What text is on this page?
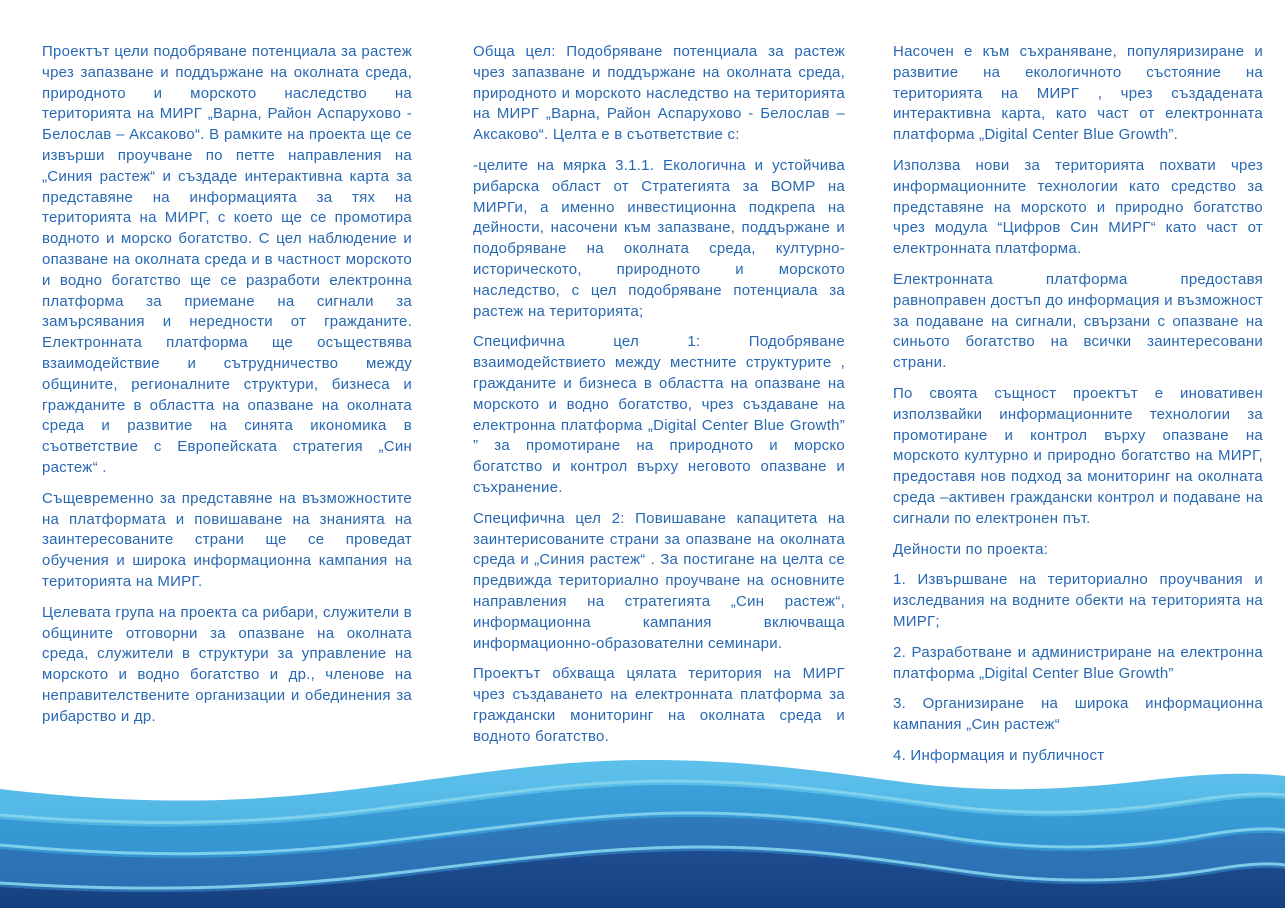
Проектът цели подобряване потенциала за растеж чрез запазване и поддържане на околната среда, природното и морското наследство на територията на МИРГ „Варна, Район Аспарухово - Белослав – Аксаково“. В рамките на проекта ще се извърши проучване по петте направления на „Синия растеж“ и създаде интерактивна карта за представяне на информацията за тях на територията на МИРГ, с което ще се промотира водното и морско богатство. С цел наблюдение и опазване на околната среда и в частност морското и водно богатство ще се разработи електронна платформа за приемане на сигнали за замърсявания и нередности от гражданите. Електронната платформа ще осъществява взаимодействие и сътрудничество между общините, регионалните структури, бизнеса и гражданите в областта на опазване на околната среда и развитие на синята икономика в съответствие с Европейската стратегия „Син растеж“ .

Същевременно за представяне на възможностите на платформата и повишаване на знанията на заинтересованите страни ще се проведат обучения и широка информационна кампания на територията на МИРГ.

Целевата група на проекта са рибари, служители в общините отговорни за опазване на околната среда, служители в структури за управление на морското и водно богатство и др., членове на неправителствените организации и обединения за рибарство и др.

Обща цел: Подобряване потенциала за растеж чрез запазване и поддържане на околната среда, природното и морското наследство на територията на МИРГ „Варна, Район Аспарухово - Белослав – Аксаково“. Целта е в съответствие с:

-целите на мярка 3.1.1. Екологична и устойчива рибарска област от Стратегията за ВОМР на МИРГи, а именно инвестиционна подкрепа на дейности, насочени към запазване, поддържане и подобряване на околната среда, културно-историческото, природното и морското наследство, с цел подобряване потенциала за растеж на територията;

Специфична цел 1: Подобряване взаимодействието между местните структурите , гражданите и бизнеса в областта на опазване на морското и водно богатство, чрез създаване на електронна платформа „Digital Center Blue Growth” ” за промотиране на природното и морско богатство и контрол върху неговото опазване и съхранение.

Специфична цел 2: Повишаване капацитета на заинтерисованите страни за опазване на околната среда и „Синия растеж“ . За постигане на целта се предвижда териториално проучване на основните направления на стратегията „Син растеж“, информационна кампания включваща информационно-образователни семинари.

Проектът обхваща цялата територия на МИРГ чрез създаването на електронната платформа за граждански мониторинг на околната среда и водното богатство.

Насочен е към съхраняване, популяризиране и развитие на екологичното състояние на територията на МИРГ , чрез създадената интерактивна карта, като част от електронната платформа „Digital Center Blue Growth”.

Използва нови за територията похвати чрез информационните технологии като средство за представяне на морското и природно богатство чрез модула “Цифров Син МИРГ“ като част от електронната платформа.

Електронната платформа предоставя равноправен достъп до информация и възможност за подаване на сигнали, свързани с опазване на синьото богатство на всички заинтересовани страни.

По своята същност проектът е иновативен използвайки информационните технологии за промотиране и контрол върху опазване на морското културно и природно богатство на МИРГ, предоставя нов подход за мониторинг на околната среда –активен граждански контрол и подаване на сигнали по електронен път.

Дейности по проекта:

1. Извършване на териториално проучвания и изследвания на водните обекти на територията на МИРГ;

2. Разработване и администриране на електронна платформа „Digital Center Blue Growth”

3. Организиране на широка информационна кампания „Син растеж“

4. Информация и публичност
